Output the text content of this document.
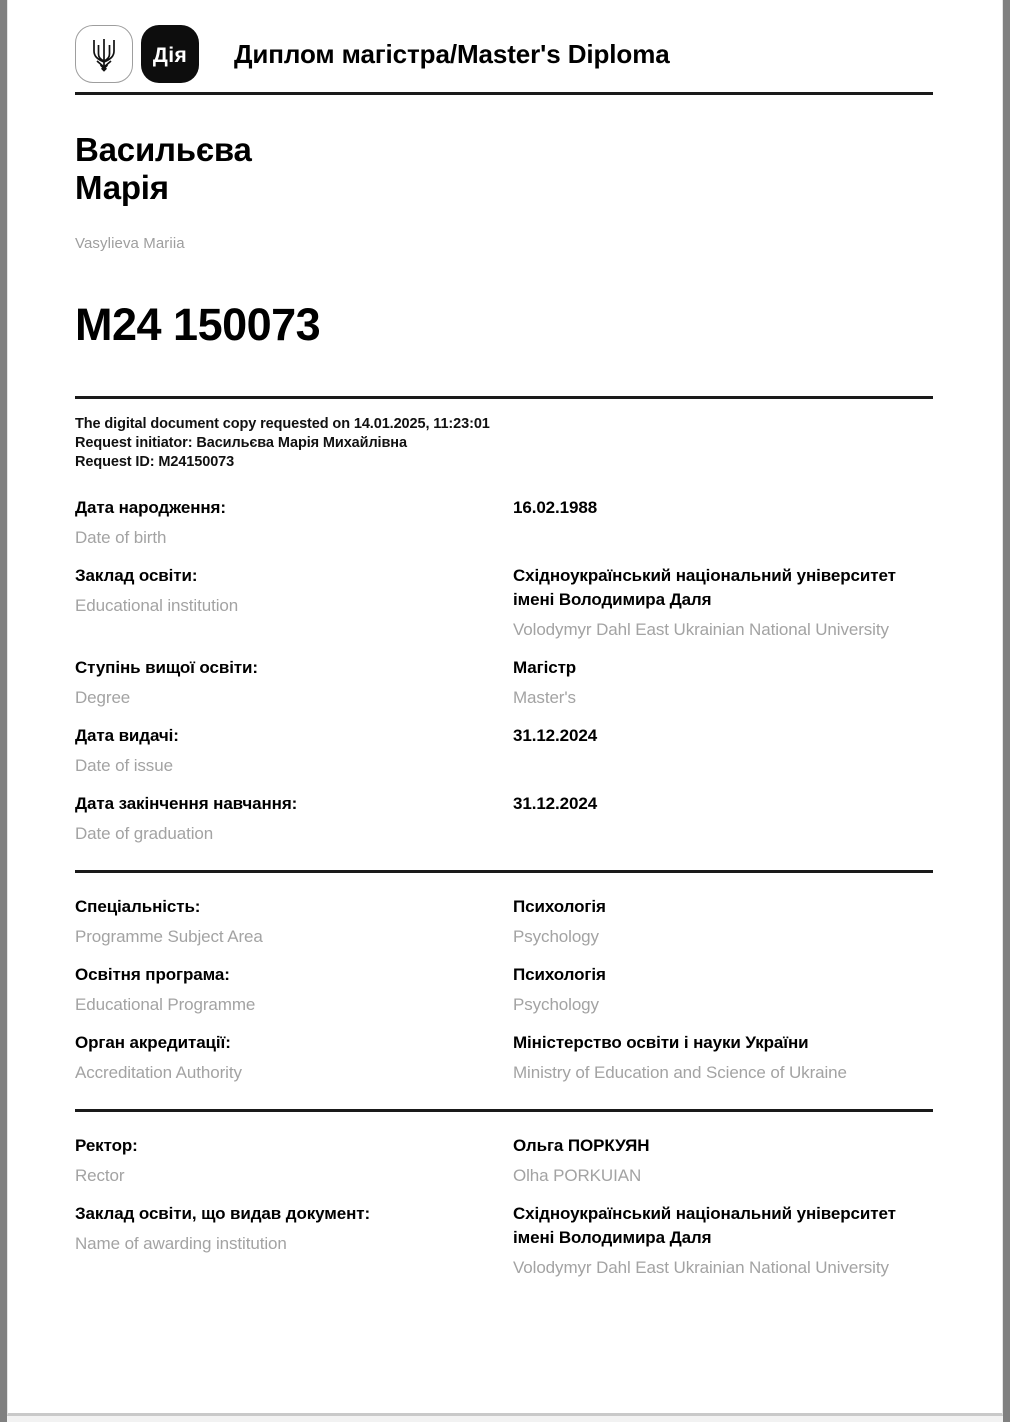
Дія	Диплом магістра/Master's Diploma
Васильєва
Марія
Vasylieva Mariia
M24 150073
The digital document copy requested on 14.01.2025, 11:23:01
Request initiator: Васильєва Марія Михайлівна
Request ID: M24150073
Дата народження:
Date of birth
16.02.1988
Заклад освіти:
Educational institution
Східноукраїнський національний університет імені Володимира Даля
Volodymyr Dahl East Ukrainian National University
Ступінь вищої освіти:
Degree
Магістр
Master's
Дата видачі:
Date of issue
31.12.2024
Дата закінчення навчання:
Date of graduation
31.12.2024
Спеціальність:
Programme Subject Area
Психологія
Psychology
Освітня програма:
Educational Programme
Психологія
Psychology
Орган акредитації:
Accreditation Authority
Міністерство освіти і науки України
Ministry of Education and Science of Ukraine
Ректор:
Rector
Ольга ПОРКУЯН
Olha PORKUIAN
Заклад освіти, що видав документ:
Name of awarding institution
Східноукраїнський національний університет імені Володимира Даля
Volodymyr Dahl East Ukrainian National University
